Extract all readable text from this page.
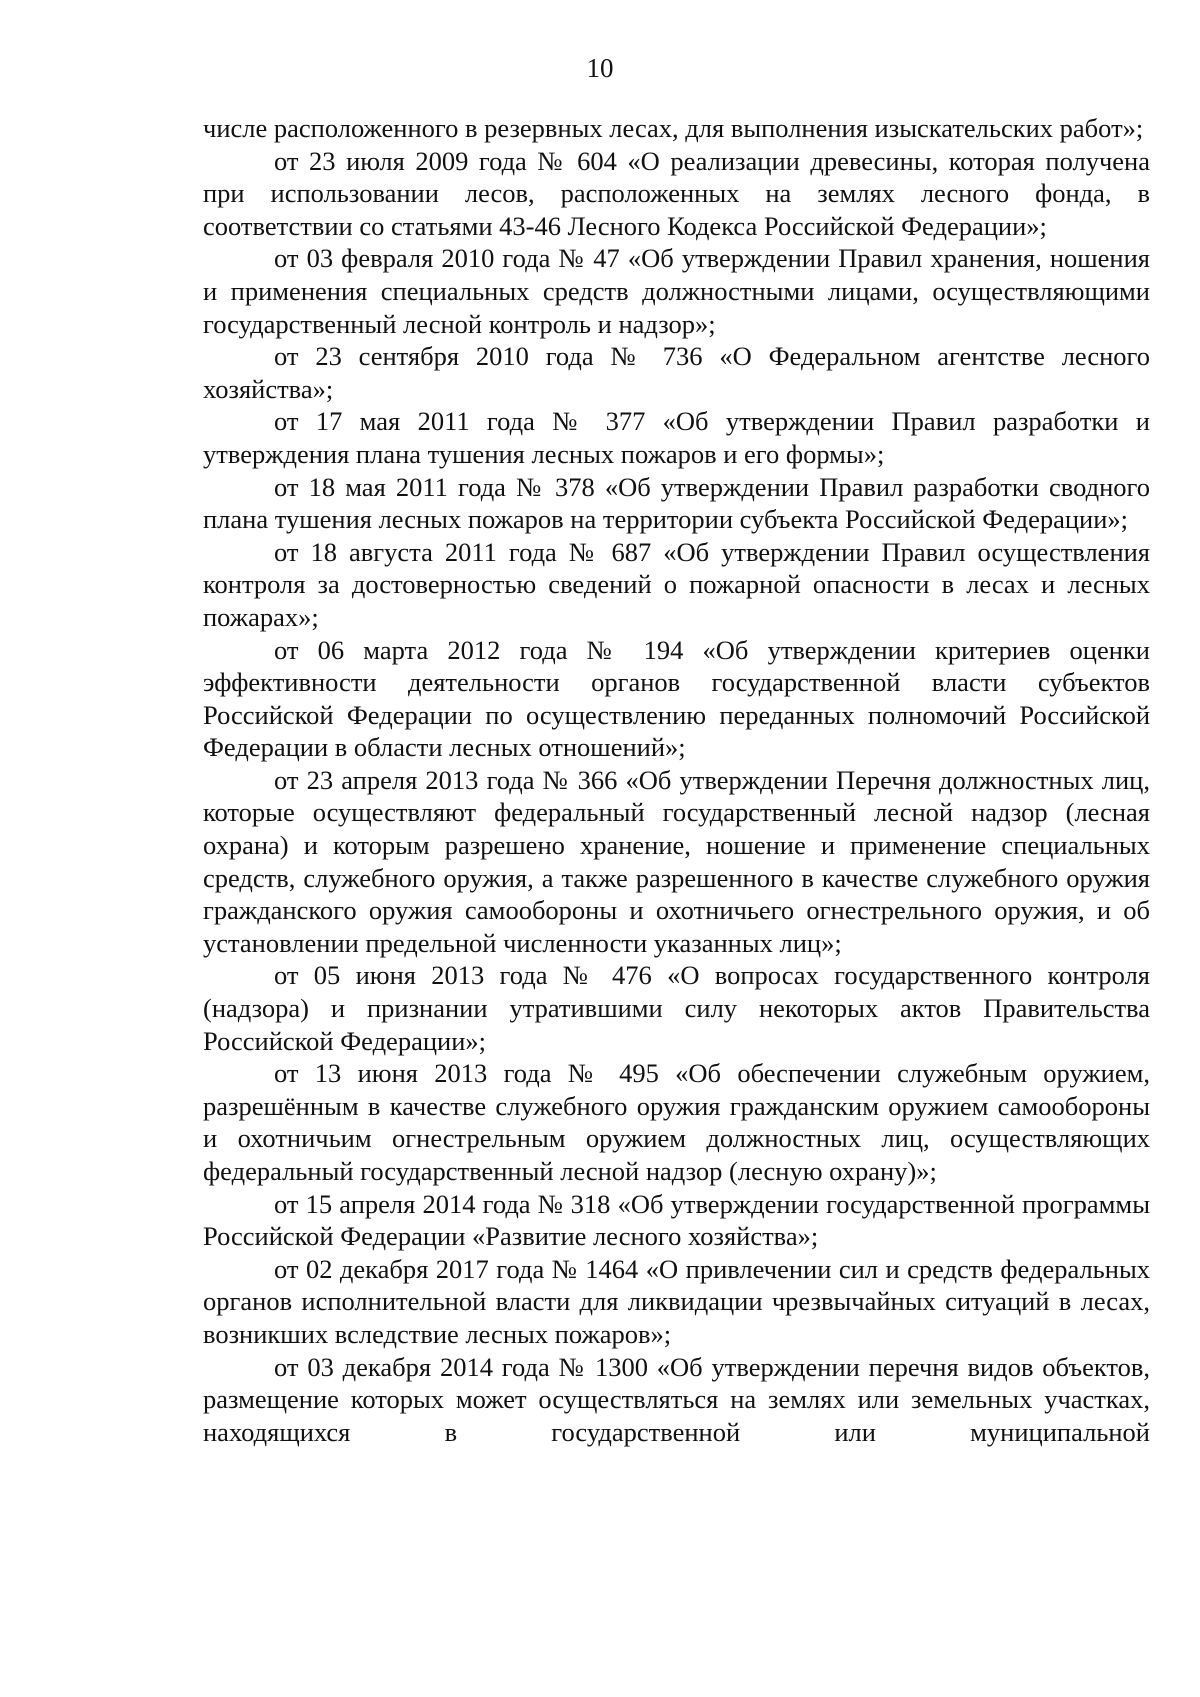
10

числе расположенного в резервных лесах, для выполнения изыскательских работ»;

от 23 июля 2009 года № 604 «О реализации древесины, которая получена при использовании лесов, расположенных на землях лесного фонда, в соответствии со статьями 43-46 Лесного Кодекса Российской Федерации»;

от 03 февраля 2010 года № 47 «Об утверждении Правил хранения, ношения и применения специальных средств должностными лицами, осуществляющими государственный лесной контроль и надзор»;

от 23 сентября 2010 года № 736 «О Федеральном агентстве лесного хозяйства»;

от 17 мая 2011 года № 377 «Об утверждении Правил разработки и утверждения плана тушения лесных пожаров и его формы»;

от 18 мая 2011 года № 378 «Об утверждении Правил разработки сводного плана тушения лесных пожаров на территории субъекта Российской Федерации»;

от 18 августа 2011 года № 687 «Об утверждении Правил осуществления контроля за достоверностью сведений о пожарной опасности в лесах и лесных пожарах»;

от 06 марта 2012 года № 194 «Об утверждении критериев оценки эффективности деятельности органов государственной власти субъектов Российской Федерации по осуществлению переданных полномочий Российской Федерации в области лесных отношений»;

от 23 апреля 2013 года № 366 «Об утверждении Перечня должностных лиц, которые осуществляют федеральный государственный лесной надзор (лесная охрана) и которым разрешено хранение, ношение и применение специальных средств, служебного оружия, а также разрешенного в качестве служебного оружия гражданского оружия самообороны и охотничьего огнестрельного оружия, и об установлении предельной численности указанных лиц»;

от 05 июня 2013 года № 476 «О вопросах государственного контроля (надзора) и признании утратившими силу некоторых актов Правительства Российской Федерации»;

от 13 июня 2013 года № 495 «Об обеспечении служебным оружием, разрешённым в качестве служебного оружия гражданским оружием самообороны и охотничьим огнестрельным оружием должностных лиц, осуществляющих федеральный государственный лесной надзор (лесную охрану)»;

от 15 апреля 2014 года № 318 «Об утверждении государственной программы Российской Федерации «Развитие лесного хозяйства»;

от 02 декабря 2017 года № 1464 «О привлечении сил и средств федеральных органов исполнительной власти для ликвидации чрезвычайных ситуаций в лесах, возникших вследствие лесных пожаров»;

от 03 декабря 2014 года № 1300 «Об утверждении перечня видов объектов, размещение которых может осуществляться на землях или земельных участках, находящихся в государственной или муниципальной
